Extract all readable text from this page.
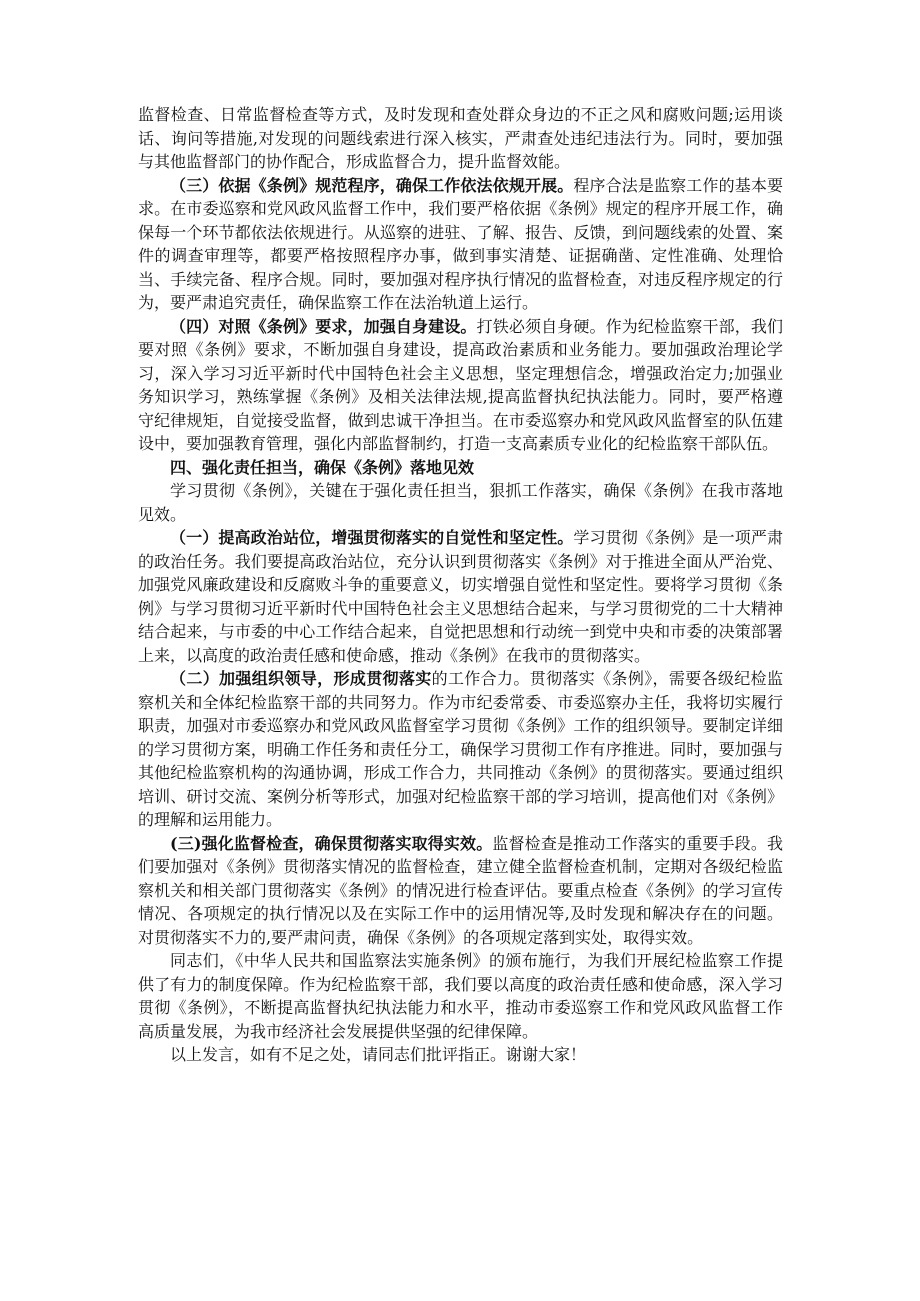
监督检查、日常监督检查等方式，及时发现和查处群众身边的不正之风和腐败问题;运用谈话、询问等措施,对发现的问题线索进行深入核实，严肃查处违纪违法行为。同时，要加强与其他监督部门的协作配合，形成监督合力，提升监督效能。

（三）依据《条例》规范程序，确保工作依法依规开展。程序合法是监察工作的基本要求。在市委巡察和党风政风监督工作中，我们要严格依据《条例》规定的程序开展工作，确保每一个环节都依法依规进行。从巡察的进驻、了解、报告、反馈，到问题线索的处置、案件的调查审理等，都要严格按照程序办事，做到事实清楚、证据确凿、定性准确、处理恰当、手续完备、程序合规。同时，要加强对程序执行情况的监督检查，对违反程序规定的行为，要严肃追究责任，确保监察工作在法治轨道上运行。

（四）对照《条例》要求，加强自身建设。打铁必须自身硬。作为纪检监察干部，我们要对照《条例》要求，不断加强自身建设，提高政治素质和业务能力。要加强政治理论学习，深入学习习近平新时代中国特色社会主义思想，坚定理想信念，增强政治定力;加强业务知识学习，熟练掌握《条例》及相关法律法规,提高监督执纪执法能力。同时，要严格遵守纪律规矩，自觉接受监督，做到忠诚干净担当。在市委巡察办和党风政风监督室的队伍建设中，要加强教育管理，强化内部监督制约，打造一支高素质专业化的纪检监察干部队伍。

四、强化责任担当，确保《条例》落地见效

学习贯彻《条例》，关键在于强化责任担当，狠抓工作落实，确保《条例》在我市落地见效。

（一）提高政治站位，增强贯彻落实的自觉性和坚定性。学习贯彻《条例》是一项严肃的政治任务。我们要提高政治站位，充分认识到贯彻落实《条例》对于推进全面从严治党、加强党风廉政建设和反腐败斗争的重要意义，切实增强自觉性和坚定性。要将学习贯彻《条例》与学习贯彻习近平新时代中国特色社会主义思想结合起来，与学习贯彻党的二十大精神结合起来，与市委的中心工作结合起来，自觉把思想和行动统一到党中央和市委的决策部署上来，以高度的政治责任感和使命感，推动《条例》在我市的贯彻落实。

（二）加强组织领导，形成贯彻落实的工作合力。贯彻落实《条例》，需要各级纪检监察机关和全体纪检监察干部的共同努力。作为市纪委常委、市委巡察办主任，我将切实履行职责，加强对市委巡察办和党风政风监督室学习贯彻《条例》工作的组织领导。要制定详细的学习贯彻方案，明确工作任务和责任分工，确保学习贯彻工作有序推进。同时，要加强与其他纪检监察机构的沟通协调，形成工作合力，共同推动《条例》的贯彻落实。要通过组织培训、研讨交流、案例分析等形式，加强对纪检监察干部的学习培训，提高他们对《条例》的理解和运用能力。

(三)强化监督检查，确保贯彻落实取得实效。监督检查是推动工作落实的重要手段。我们要加强对《条例》贯彻落实情况的监督检查，建立健全监督检查机制，定期对各级纪检监察机关和相关部门贯彻落实《条例》的情况进行检查评估。要重点检查《条例》的学习宣传情况、各项规定的执行情况以及在实际工作中的运用情况等,及时发现和解决存在的问题。对贯彻落实不力的,要严肃问责，确保《条例》的各项规定落到实处，取得实效。

同志们，《中华人民共和国监察法实施条例》的颁布施行，为我们开展纪检监察工作提供了有力的制度保障。作为纪检监察干部，我们要以高度的政治责任感和使命感，深入学习贯彻《条例》，不断提高监督执纪执法能力和水平，推动市委巡察工作和党风政风监督工作高质量发展，为我市经济社会发展提供坚强的纪律保障。

以上发言，如有不足之处，请同志们批评指正。谢谢大家！
